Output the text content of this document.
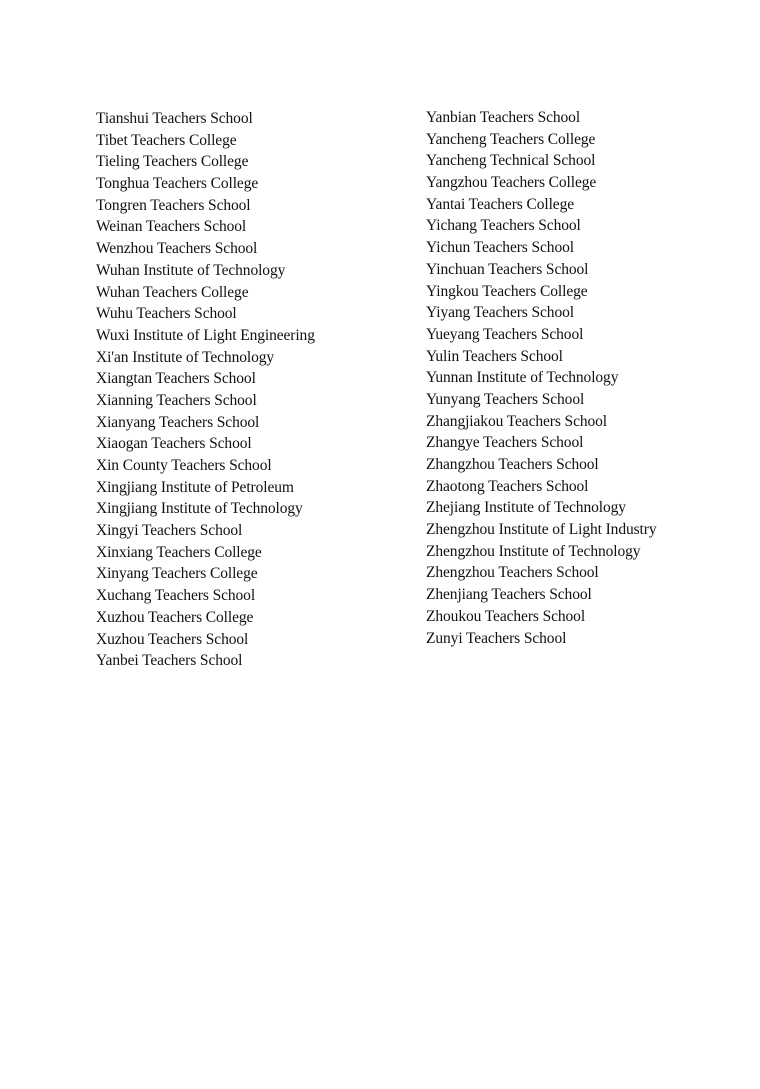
Tianshui Teachers School
Tibet Teachers College
Tieling Teachers College
Tonghua Teachers College
Tongren Teachers School
Weinan Teachers School
Wenzhou Teachers School
Wuhan Institute of Technology
Wuhan Teachers College
Wuhu Teachers School
Wuxi Institute of Light Engineering
Xi'an Institute of Technology
Xiangtan Teachers School
Xianning Teachers School
Xianyang Teachers School
Xiaogan Teachers School
Xin County Teachers School
Xingjiang Institute of Petroleum
Xingjiang Institute of Technology
Xingyi Teachers School
Xinxiang Teachers College
Xinyang Teachers College
Xuchang Teachers School
Xuzhou Teachers College
Xuzhou Teachers School
Yanbei Teachers School
Yanbian Teachers School
Yancheng Teachers College
Yancheng Technical School
Yangzhou Teachers College
Yantai Teachers College
Yichang Teachers School
Yichun Teachers School
Yinchuan Teachers School
Yingkou Teachers College
Yiyang Teachers School
Yueyang Teachers School
Yulin Teachers School
Yunnan Institute of Technology
Yunyang Teachers School
Zhangjiakou Teachers School
Zhangye Teachers School
Zhangzhou Teachers School
Zhaotong Teachers School
Zhejiang Institute of Technology
Zhengzhou Institute of Light Industry
Zhengzhou Institute of Technology
Zhengzhou Teachers School
Zhenjiang Teachers School
Zhoukou Teachers School
Zunyi Teachers School
